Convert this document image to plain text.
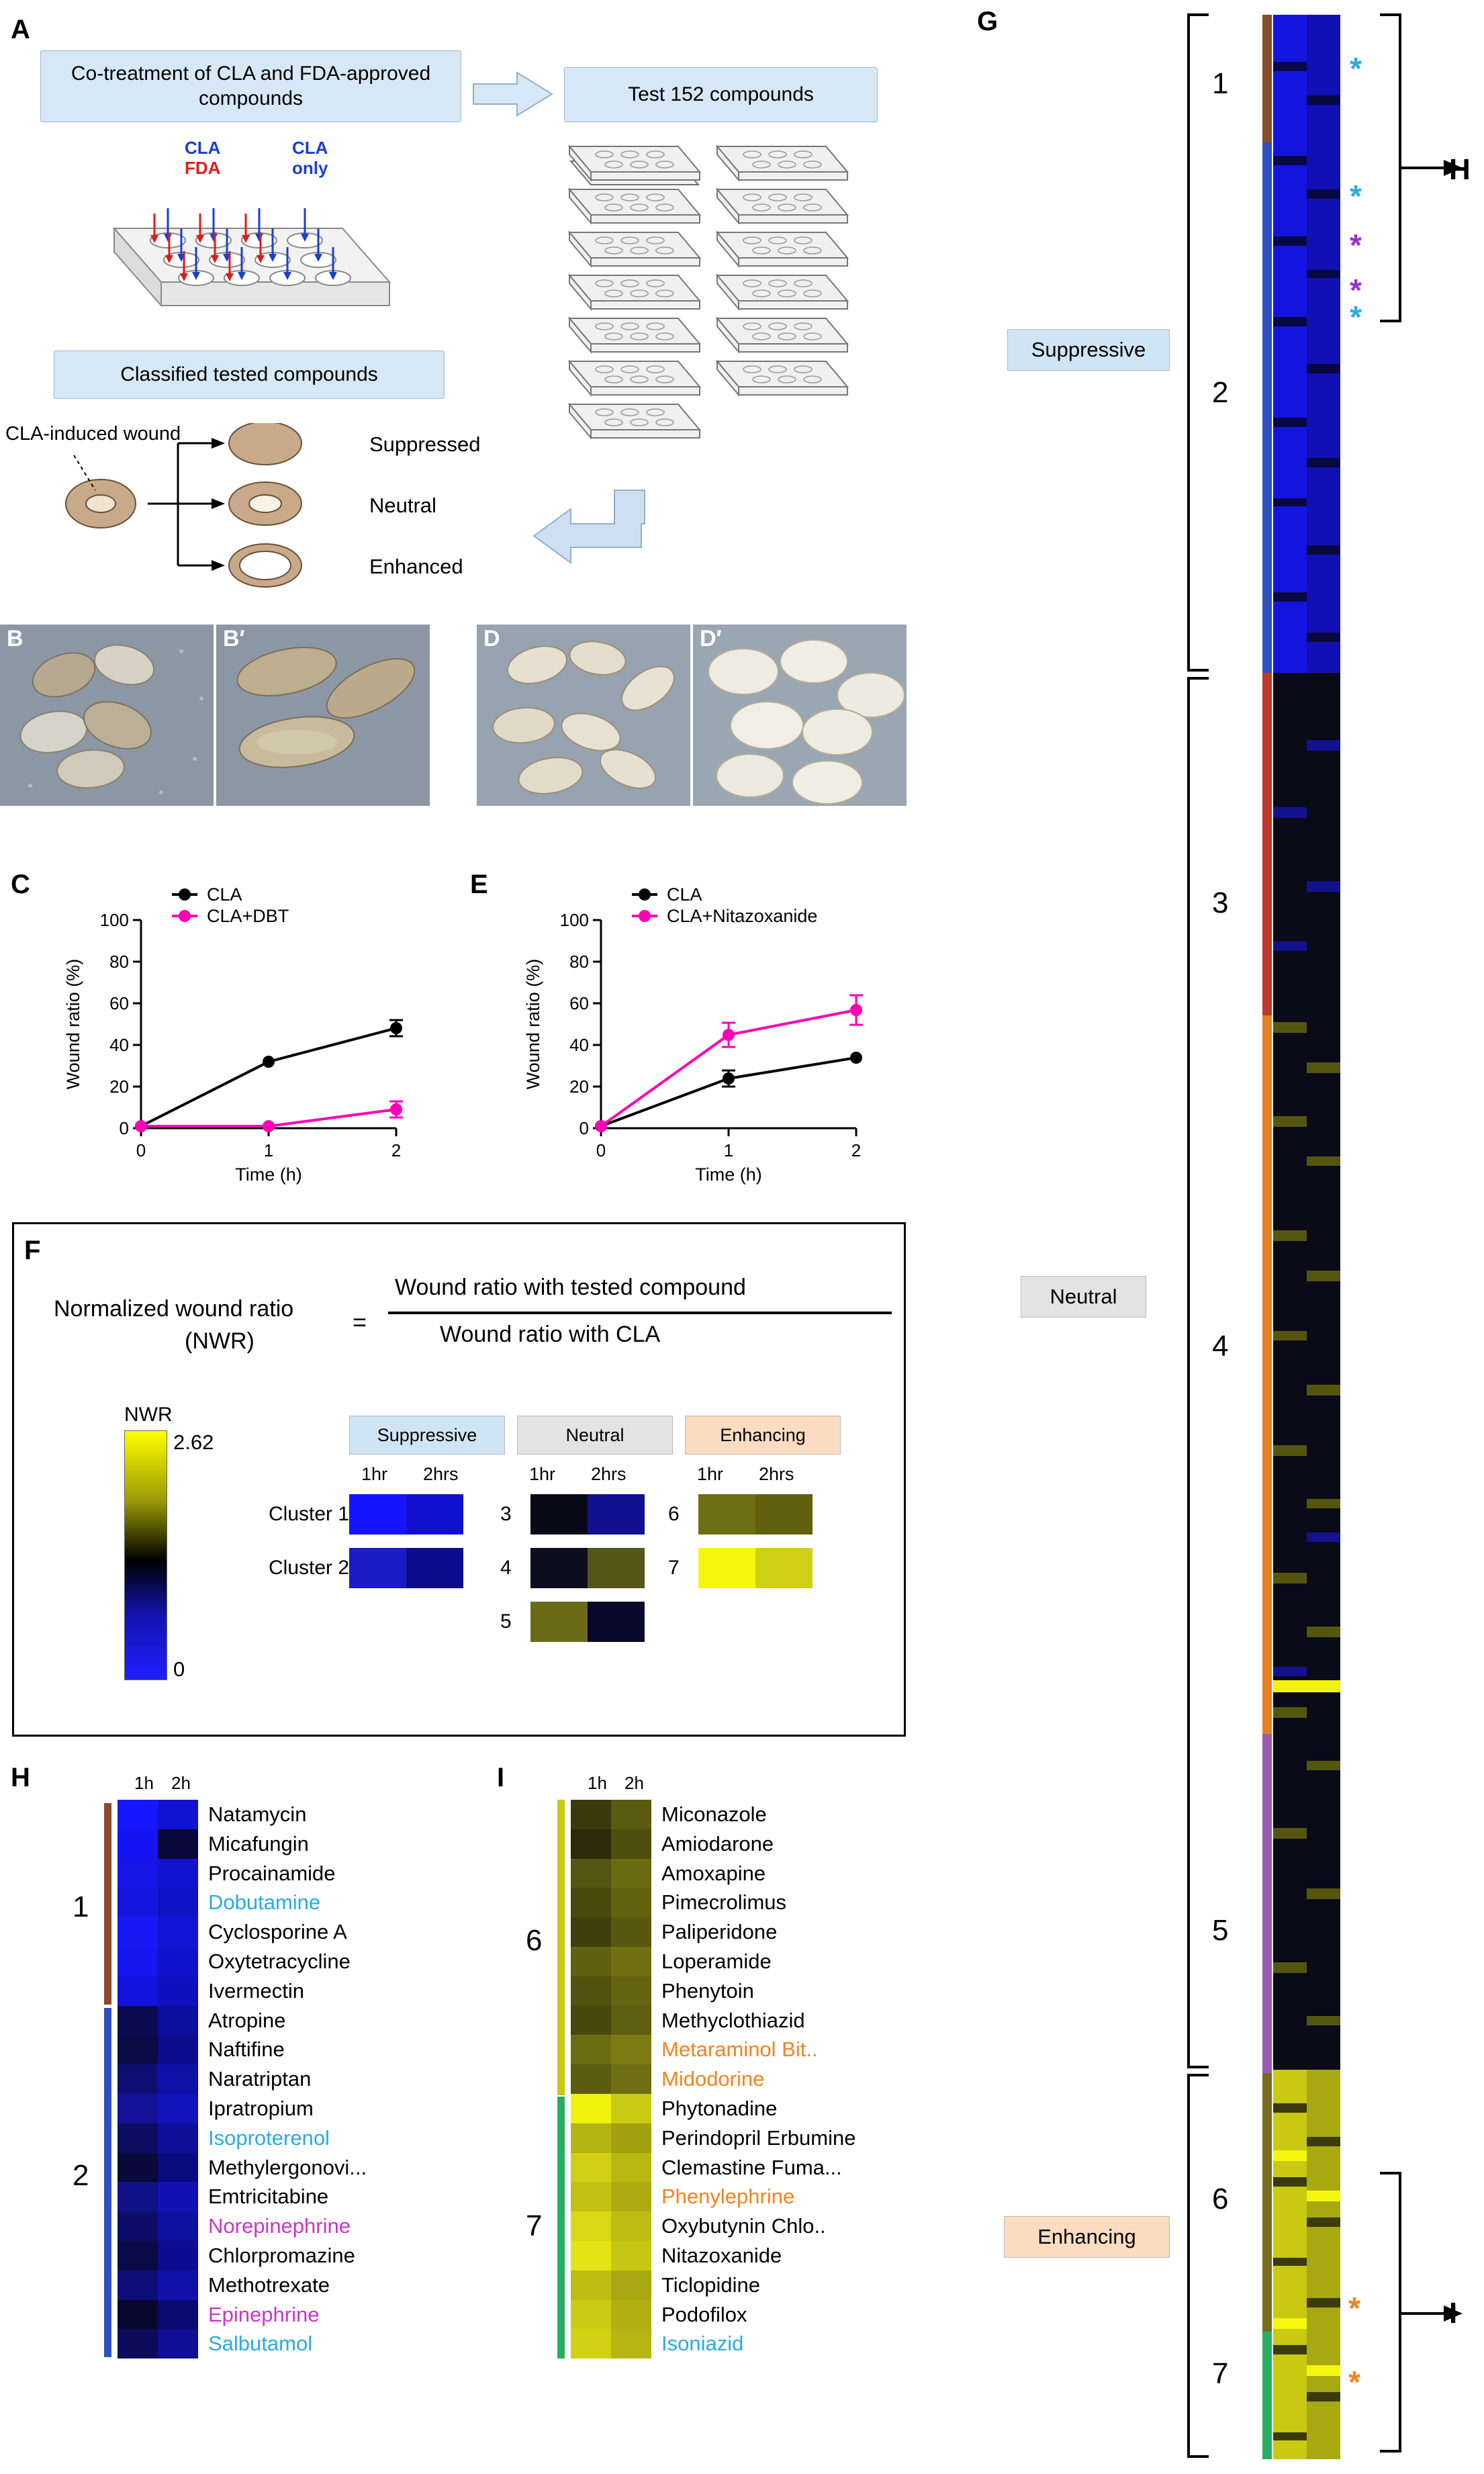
A
Co-treatment of CLA and FDA-approved compounds	Test 152 compounds
Classified tested compounds
CLA
FDA
CLA
only
CLA-induced wound	Suppressed
Neutral
Enhanced
B	B′	D	D′
C
0
20
40
60
80
100
0	1	2
Time (h)
Wound ratio (%)
CLA
CLA+DBT
E
0
20
40
60
80
100
0	1	2
Time (h)
Wound ratio (%)
CLA
CLA+Nitazoxanide
F
Normalized wound ratio
(NWR)
=
Wound ratio with tested compound
Wound ratio with CLA
NWR
2.62
0
Suppressive	Neutral	Enhancing
1hr 2hrs	1hr 2hrs	1hr 2hrs
Cluster 1
Cluster 2
3
4
5
6
7
G
1
2
3
4
5
6
7
Suppressive
Neutral
Enhancing
H
*
*
*
*
*
I
*
*
H	1h 2h
1
2
Natamycin
Micafungin
Procainamide
Dobutamine
Cyclosporine A
Oxytetracycline
Ivermectin
Atropine
Naftifine
Naratriptan
Ipratropium
Isoproterenol
Methylergonovi...
Emtricitabine
Norepinephrine
Chlorpromazine
Methotrexate
Epinephrine
Salbutamol
I	1h 2h
6
7
Miconazole
Amiodarone
Amoxapine
Pimecrolimus
Paliperidone
Loperamide
Phenytoin
Methyclothiazid
Metaraminol Bit..
Midodorine
Phytonadine
Perindopril Erbumine
Clemastine Fuma...
Phenylephrine
Oxybutynin Chlo..
Nitazoxanide
Ticlopidine
Podofilox
Isoniazid
